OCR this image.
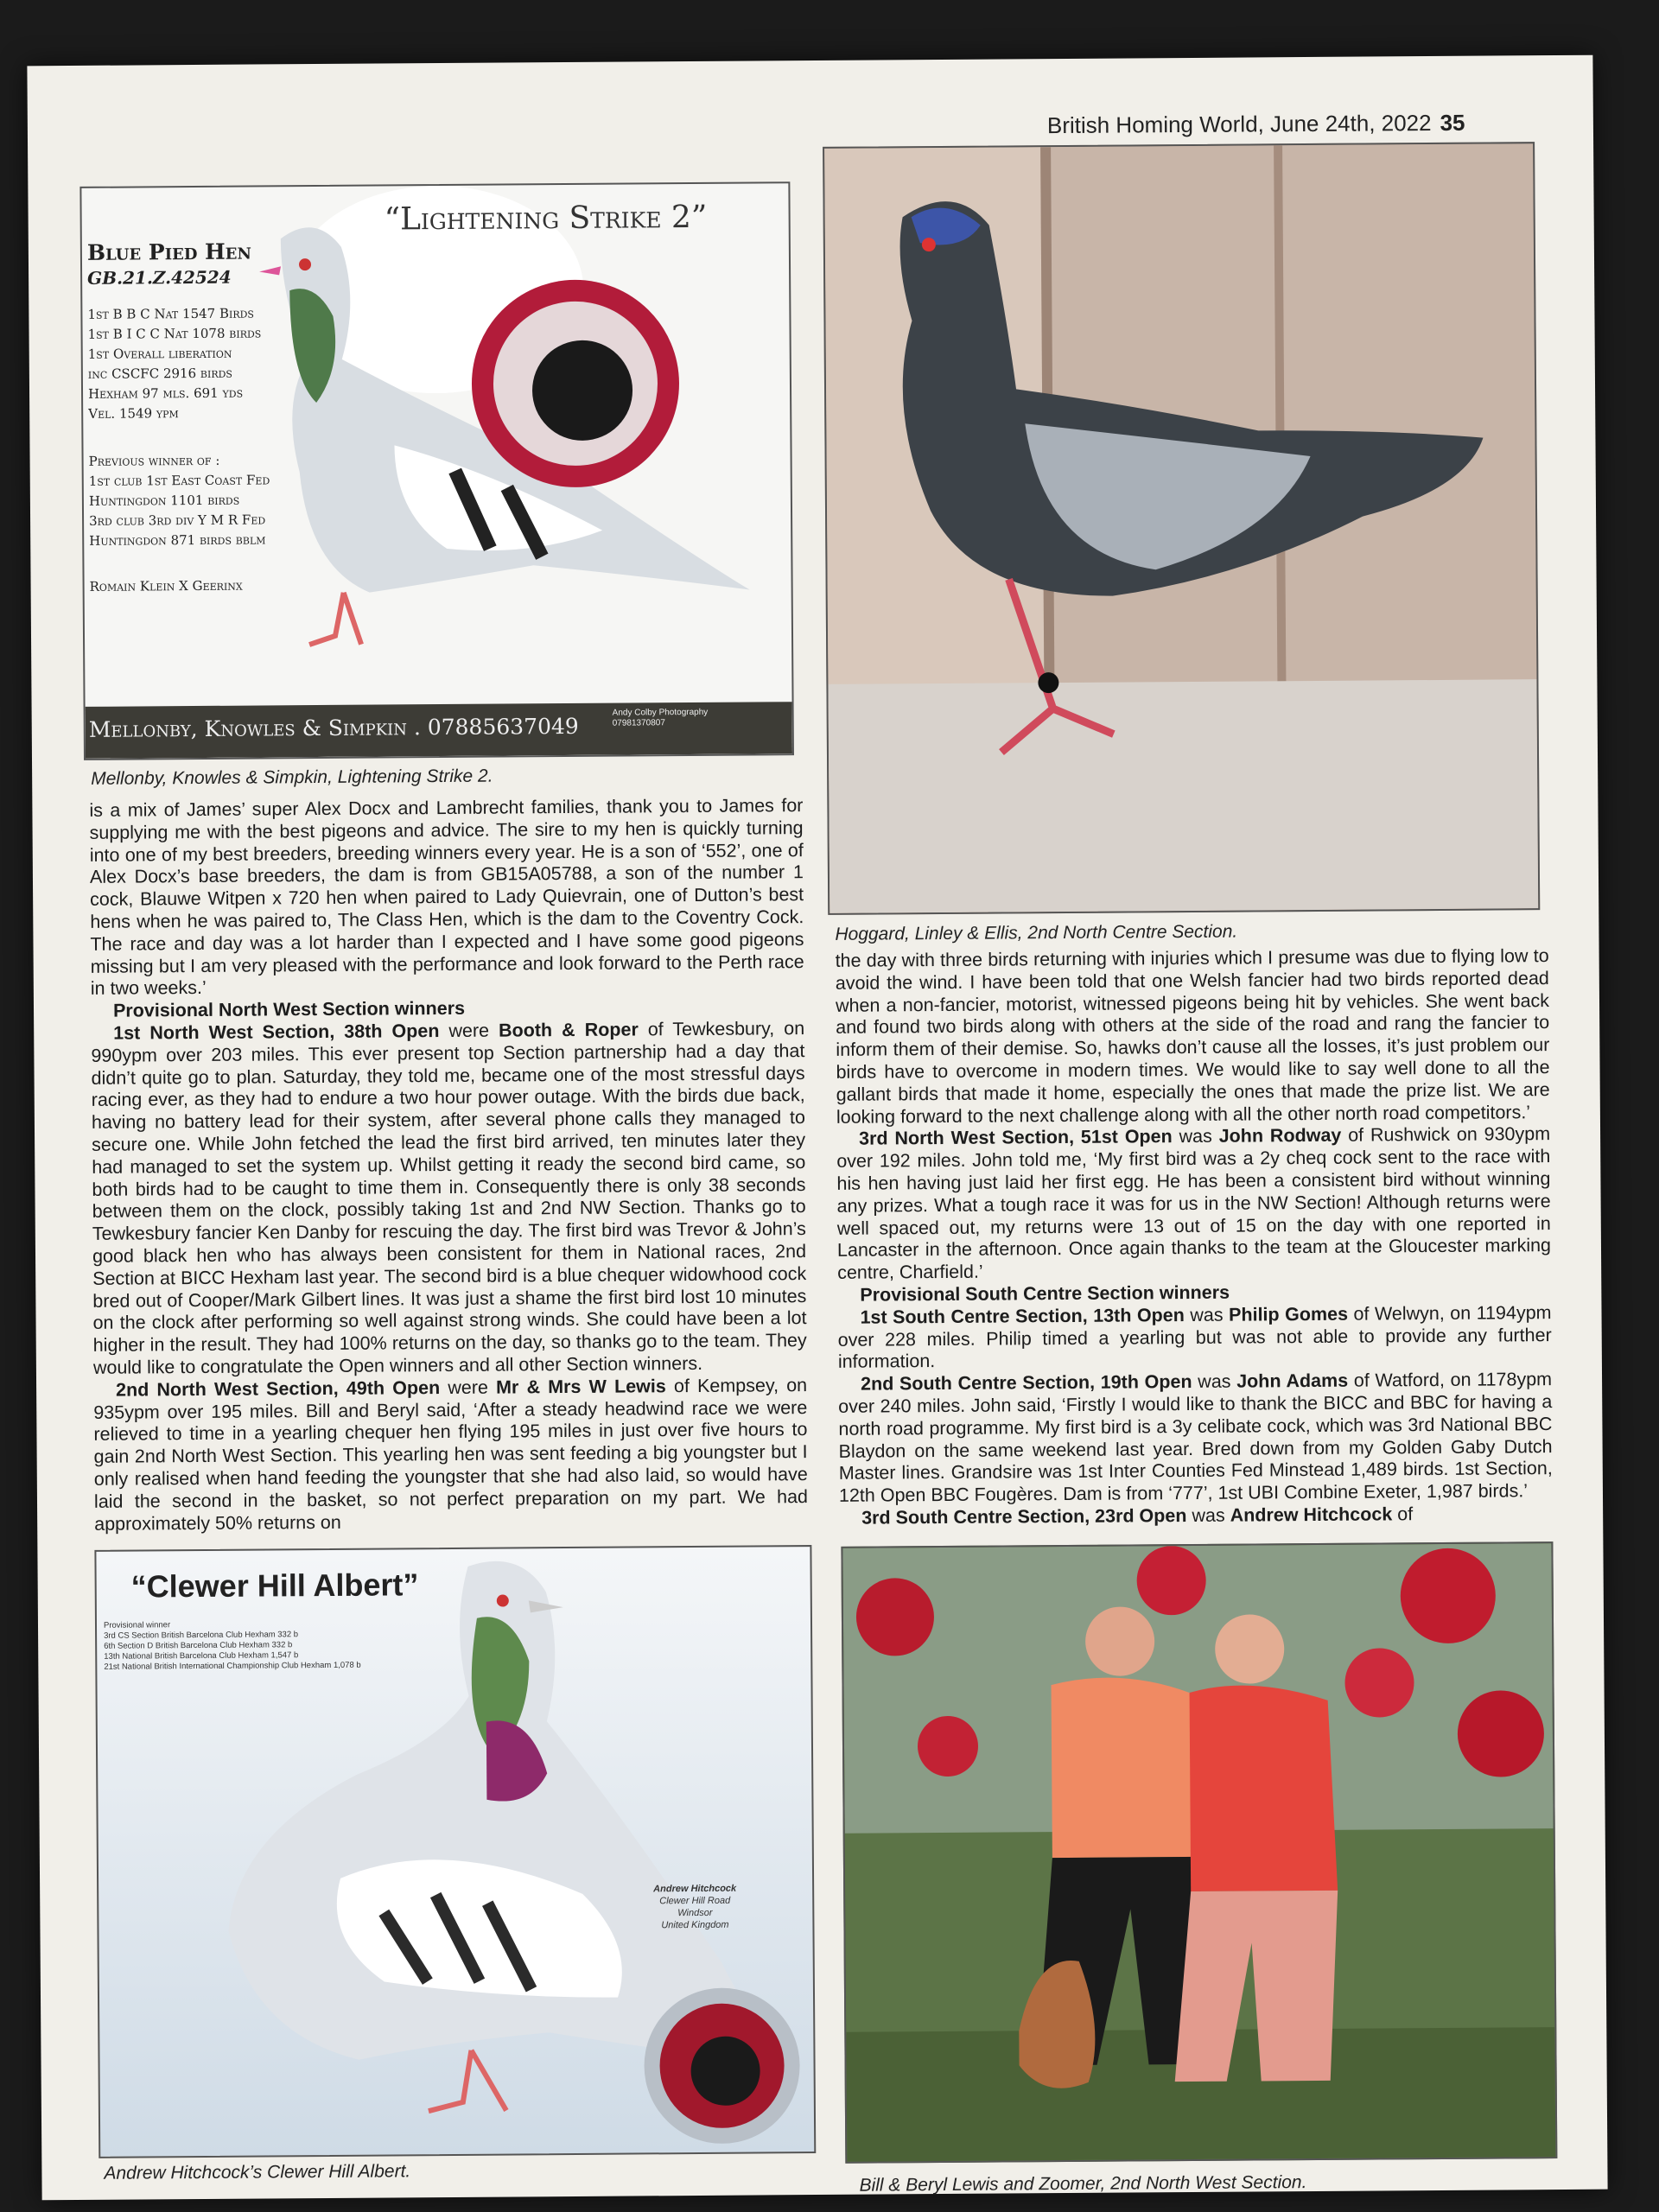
British Homing World, June 24th, 2022 35
“Lightening Strike 2”
Blue Pied Hen
GB.21.Z.42524
1st B B C Nat 1547 Birds
1st B I C C Nat 1078 birds
1st Overall liberation
inc CSCFC 2916 birds
Hexham 97 mls. 691 yds
Vel. 1549 ypm
Previous winner of :
1st club 1st East Coast Fed
Huntingdon 1101 birds
3rd club 3rd div Y M R Fed
Huntingdon 871 birds bblm
Romain Klein X Geerinx
Mellonby, Knowles & Simpkin . 07885637049
Andy Colby Photography 07981370807
Mellonby, Knowles & Simpkin, Lightening Strike 2.
Hoggard, Linley & Ellis, 2nd North Centre Section.

is a mix of James’ super Alex Docx and Lambrecht families, thank you to James for supplying me with the best pigeons and advice. The sire to my hen is quickly turning into one of my best breeders, breeding winners every year. He is a son of ‘552’, one of Alex Docx’s base breeders, the dam is from GB15A05788, a son of the number 1 cock, Blauwe Witpen x 720 hen when paired to Lady Quievrain, one of Dutton’s best hens when he was paired to, The Class Hen, which is the dam to the Coventry Cock. The race and day was a lot harder than I expected and I have some good pigeons missing but I am very pleased with the performance and look forward to the Perth race in two weeks.’

Provisional North West Section winners

1st North West Section, 38th Open were Booth & Roper of Tewkesbury, on 990ypm over 203 miles. This ever present top Section partnership had a day that didn’t quite go to plan. Saturday, they told me, became one of the most stressful days racing ever, as they had to endure a two hour power outage. With the birds due back, having no battery lead for their system, after several phone calls they managed to secure one. While John fetched the lead the first bird arrived, ten minutes later they had managed to set the system up. Whilst getting it ready the second bird came, so both birds had to be caught to time them in. Consequently there is only 38 seconds between them on the clock, possibly taking 1st and 2nd NW Section. Thanks go to Tewkesbury fancier Ken Danby for rescuing the day. The first bird was Trevor & John’s good black hen who has always been consistent for them in National races, 2nd Section at BICC Hexham last year. The second bird is a blue chequer widowhood cock bred out of Cooper/Mark Gilbert lines. It was just a shame the first bird lost 10 minutes on the clock after performing so well against strong winds. She could have been a lot higher in the result. They had 100% returns on the day, so thanks go to the team. They would like to congratulate the Open winners and all other Section winners.

2nd North West Section, 49th Open were Mr & Mrs W Lewis of Kempsey, on 935ypm over 195 miles. Bill and Beryl said, ‘After a steady headwind race we were relieved to time in a yearling chequer hen flying 195 miles in just over five hours to gain 2nd North West Section. This yearling hen was sent feeding a big youngster but I only realised when hand feeding the youngster that she had also laid, so would have laid the second in the basket, so not perfect preparation on my part. We had approximately 50% returns on

the day with three birds returning with injuries which I presume was due to flying low to avoid the wind. I have been told that one Welsh fancier had two birds reported dead when a non-fancier, motorist, witnessed pigeons being hit by vehicles. She went back and found two birds along with others at the side of the road and rang the fancier to inform them of their demise. So, hawks don’t cause all the losses, it’s just problem our birds have to overcome in modern times. We would like to say well done to all the gallant birds that made it home, especially the ones that made the prize list. We are looking forward to the next challenge along with all the other north road competitors.’

3rd North West Section, 51st Open was John Rodway of Rushwick on 930ypm over 192 miles. John told me, ‘My first bird was a 2y cheq cock sent to the race with his hen having just laid her first egg. He has been a consistent bird without winning any prizes. What a tough race it was for us in the NW Section! Although returns were well spaced out, my returns were 13 out of 15 on the day with one reported in Lancaster in the afternoon. Once again thanks to the team at the Gloucester marking centre, Charfield.’

Provisional South Centre Section winners

1st South Centre Section, 13th Open was Philip Gomes of Welwyn, on 1194ypm over 228 miles. Philip timed a yearling but was not able to provide any further information.

2nd South Centre Section, 19th Open was John Adams of Watford, on 1178ypm over 240 miles. John said, ‘Firstly I would like to thank the BICC and BBC for having a north road programme. My first bird is a 3y celibate cock, which was 3rd National BBC Blaydon on the same weekend last year. Bred down from my Golden Gaby Dutch Master lines. Grandsire was 1st Inter Counties Fed Minstead 1,489 birds. 1st Section, 12th Open BBC Fougères. Dam is from ‘777’, 1st UBI Combine Exeter, 1,987 birds.’

3rd South Centre Section, 23rd Open was Andrew Hitchcock of

“Clewer Hill Albert”
Provisional winner
3rd CS Section British Barcelona Club Hexham 332 b
6th Section D British Barcelona Club Hexham 332 b
13th National British Barcelona Club Hexham 1,547 b
21st National British International Championship Club Hexham 1,078 b
Andrew Hitchcock
Clewer Hill Road
Windsor
United Kingdom
Andrew Hitchcock’s Clewer Hill Albert.
Bill & Beryl Lewis and Zoomer, 2nd North West Section.
